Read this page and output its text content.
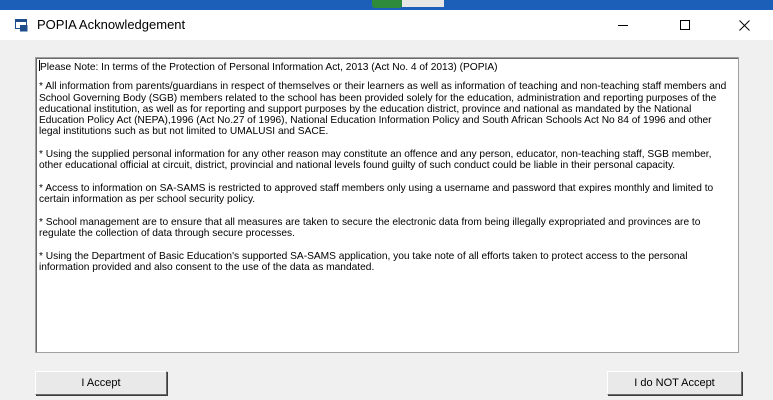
POPIA Acknowledgement

Please Note: In terms of the Protection of Personal Information Act, 2013 (Act No. 4 of 2013) (POPIA)

* All information from parents/guardians in respect of themselves or their learners as well as information of teaching and non-teaching staff members and School Governing Body (SGB) members related to the school has been provided solely for the education, administration and reporting purposes of the educational institution, as well as for reporting and support purposes by the education district, province and national as mandated by the National Education Policy Act (NEPA),1996 (Act No.27 of 1996), National Education Information Policy and South African Schools Act No 84 of 1996 and other legal institutions such as but not limited to UMALUSI and SACE.

* Using the supplied personal information for any other reason may constitute an offence and any person, educator, non-teaching staff, SGB member, other educational official at circuit, district, provincial and national levels found guilty of such conduct could be liable in their personal capacity.

* Access to information on SA-SAMS is restricted to approved staff members only using a username and password that expires monthly and limited to certain information as per school security policy.

* School management are to ensure that all measures are taken to secure the electronic data from being illegally expropriated and provinces are to regulate the collection of data through secure processes.

* Using the Department of Basic Education's supported SA-SAMS application, you take note of all efforts taken to protect access to the personal information provided and also consent to the use of the data as mandated.

I Accept	I do NOT Accept
